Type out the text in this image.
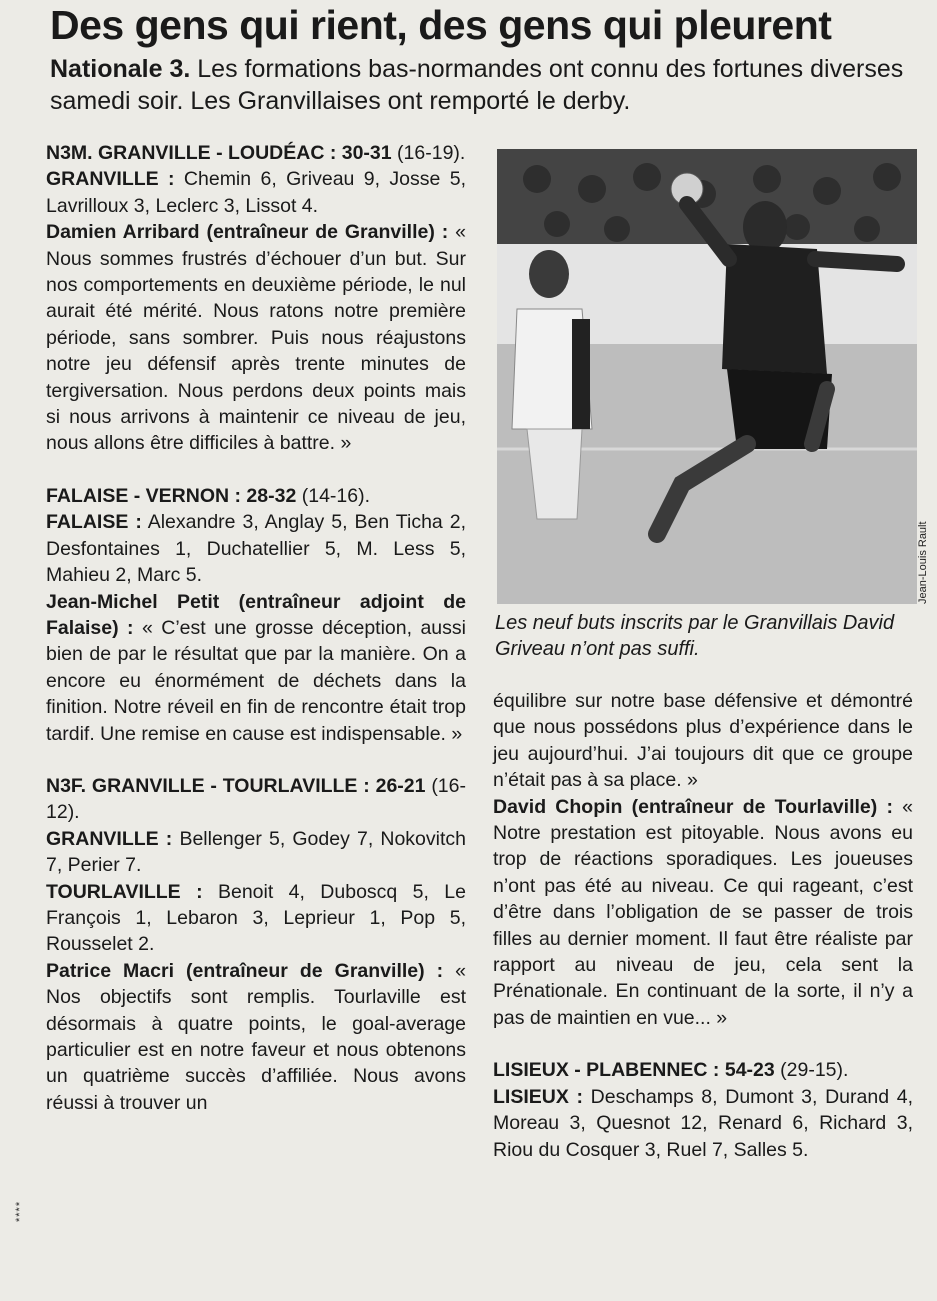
Des gens qui rient, des gens qui pleurent

Nationale 3. Les formations bas-normandes ont connu des fortunes diverses samedi soir. Les Granvillaises ont remporté le derby.

N3M. GRANVILLE - LOUDÉAC : 30-31 (16-19).

GRANVILLE : Chemin 6, Griveau 9, Josse 5, Lavrilloux 3, Leclerc 3, Lissot 4.

Damien Arribard (entraîneur de Granville) : « Nous sommes frustrés d’échouer d’un but. Sur nos comportements en deuxième période, le nul aurait été mérité. Nous ratons notre première période, sans sombrer. Puis nous réajustons notre jeu défensif après trente minutes de tergiversation. Nous perdons deux points mais si nous arrivons à maintenir ce niveau de jeu, nous allons être difficiles à battre. »

FALAISE - VERNON : 28-32 (14-16).

FALAISE : Alexandre 3, Anglay 5, Ben Ticha 2, Desfontaines 1, Duchatellier 5, M. Less 5, Mahieu 2, Marc 5.

Jean-Michel Petit (entraîneur adjoint de Falaise) : « C’est une grosse déception, aussi bien de par le résultat que par la manière. On a encore eu énormément de déchets dans la finition. Notre réveil en fin de rencontre était trop tardif. Une remise en cause est indispensable. »

N3F. GRANVILLE - TOURLAVILLE : 26-21 (16-12).

GRANVILLE : Bellenger 5, Godey 7, Nokovitch 7, Perier 7.

TOURLAVILLE : Benoit 4, Duboscq 5, Le François 1, Lebaron 3, Leprieur 1, Pop 5, Rousselet 2.

Patrice Macri (entraîneur de Granville) : « Nos objectifs sont remplis. Tourlaville est désormais à quatre points, le goal-average particulier est en notre faveur et nous obtenons un quatrième succès d’affiliée. Nous avons réussi à trouver un

Jean-Louis Rault
Les neuf buts inscrits par le Granvillais David Griveau n’ont pas suffi.

équilibre sur notre base défensive et démontré que nous possédons plus d’expérience dans le jeu aujourd’hui. J’ai toujours dit que ce groupe n’était pas à sa place. »

David Chopin (entraîneur de Tourlaville) : « Notre prestation est pitoyable. Nous avons eu trop de réactions sporadiques. Les joueuses n’ont pas été au niveau. Ce qui rageant, c’est d’être dans l’obligation de se passer de trois filles au dernier moment. Il faut être réaliste par rapport au niveau de jeu, cela sent la Prénationale. En continuant de la sorte, il n’y a pas de maintien en vue... »

LISIEUX - PLABENNEC : 54-23 (29-15).

LISIEUX : Deschamps 8, Dumont 3, Durand 4, Moreau 3, Quesnot 12, Renard 6, Richard 3, Riou du Cosquer 3, Ruel 7, Salles 5.

****
